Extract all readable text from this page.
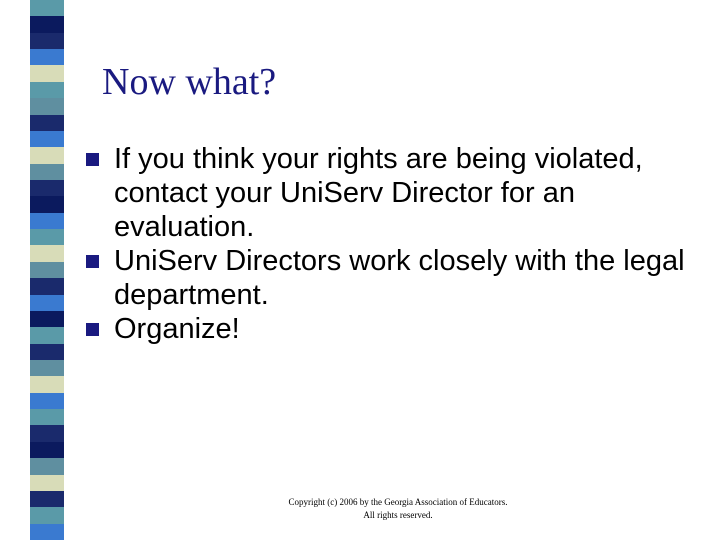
Now what?
If you think your rights are being violated, contact your UniServ Director for an evaluation.
UniServ Directors work closely with the legal department.
Organize!
Copyright (c) 2006 by the Georgia Association of Educators. All rights reserved.
